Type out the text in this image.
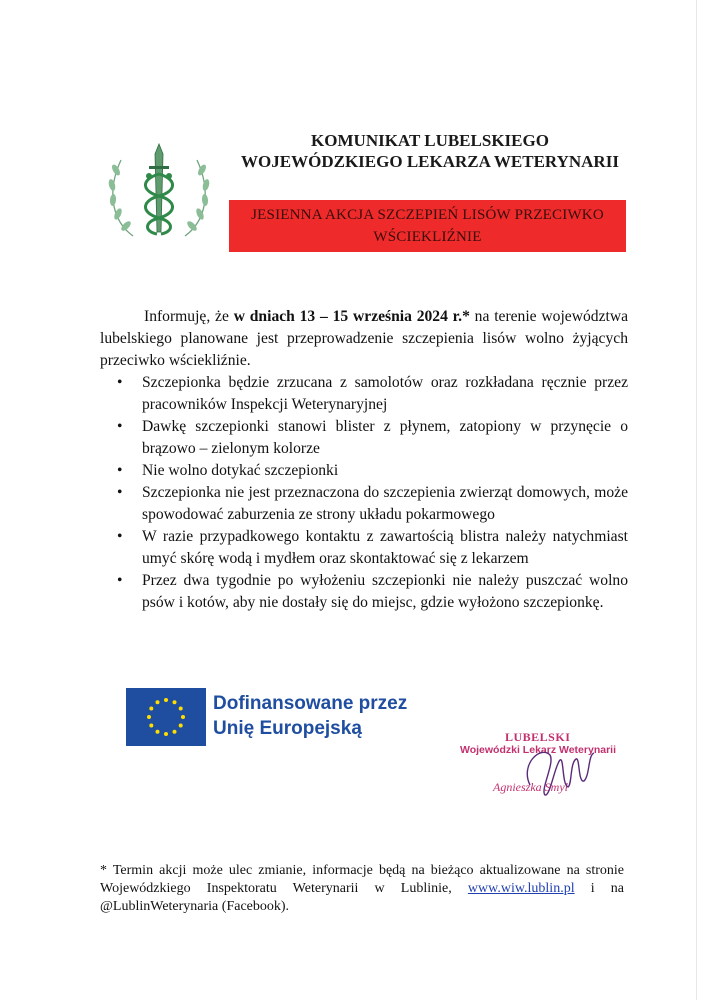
KOMUNIKAT LUBELSKIEGO
WOJEWÓDZKIEGO LEKARZA WETERYNARII
JESIENNA AKCJA SZCZEPIEŃ LISÓW PRZECIWKO
WŚCIEKLIŹNIE

Informuję, że w dniach 13 – 15 września 2024 r.* na terenie województwa lubelskiego planowane jest przeprowadzenie szczepienia lisów wolno żyjących przeciwko wściekliźnie.

• Szczepionka będzie zrzucana z samolotów oraz rozkładana ręcznie przez pracowników Inspekcji Weterynaryjnej
• Dawkę szczepionki stanowi blister z płynem, zatopiony w przynęcie o brązowo – zielonym kolorze
• Nie wolno dotykać szczepionki
• Szczepionka nie jest przeznaczona do szczepienia zwierząt domowych, może spowodować zaburzenia ze strony układu pokarmowego
• W razie przypadkowego kontaktu z zawartością blistra należy natychmiast umyć skórę wodą i mydłem oraz skontaktować się z lekarzem
• Przez dwa tygodnie po wyłożeniu szczepionki nie należy puszczać wolno psów i kotów, aby nie dostały się do miejsc, gdzie wyłożono szczepionkę.
Dofinansowane przez
Unię Europejską	LUBELSKI
Wojewódzki Lekarz Weterynarii
Agnieszka Smyl
* Termin akcji może ulec zmianie, informacje będą na bieżąco aktualizowane na stronie Wojewódzkiego Inspektoratu Weterynarii w Lublinie, www.wiw.lublin.pl i na @LublinWeterynaria (Facebook).
